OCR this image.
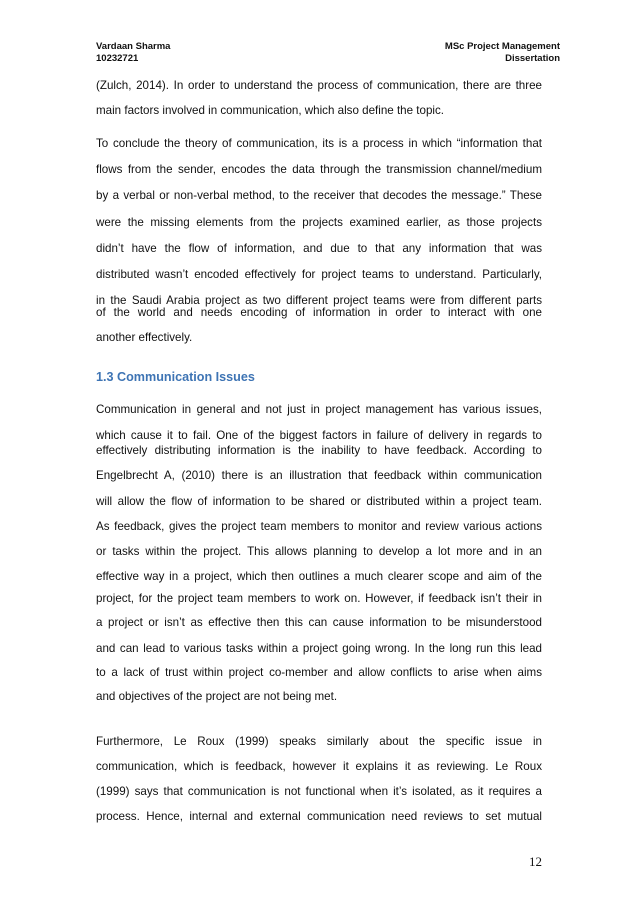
Vardaan Sharma
10232721
MSc Project Management
Dissertation
(Zulch, 2014). In order to understand the process of communication, there are three
main factors involved in communication, which also define the topic.
To conclude the theory of communication, its is a process in which “information that
flows from the sender, encodes the data through the transmission channel/medium
by a verbal or non-verbal method, to the receiver that decodes the message.” These
were the missing elements from the projects examined earlier, as those projects
didn’t have the flow of information, and due to that any information that was
distributed wasn’t encoded effectively for project teams to understand. Particularly,
in the Saudi Arabia project as two different project teams were from different parts
of the world and needs encoding of information in order to interact with one
another effectively.
1.3 Communication Issues
Communication in general and not just in project management has various issues,
which cause it to fail. One of the biggest factors in failure of delivery in regards to
effectively distributing information is the inability to have feedback. According to
Engelbrecht A, (2010) there is an illustration that feedback within communication
will allow the flow of information to be shared or distributed within a project team.
As feedback, gives the project team members to monitor and review various actions
or tasks within the project. This allows planning to develop a lot more and in an
effective way in a project, which then outlines a much clearer scope and aim of the
project, for the project team members to work on. However, if feedback isn’t their in
a project or isn’t as effective then this can cause information to be misunderstood
and can lead to various tasks within a project going wrong. In the long run this lead
to a lack of trust within project co-member and allow conflicts to arise when aims
and objectives of the project are not being met.
Furthermore, Le Roux (1999) speaks similarly about the specific issue in
communication, which is feedback, however it explains it as reviewing. Le Roux
(1999) says that communication is not functional when it’s isolated, as it requires a
process. Hence, internal and external communication need reviews to set mutual
12
